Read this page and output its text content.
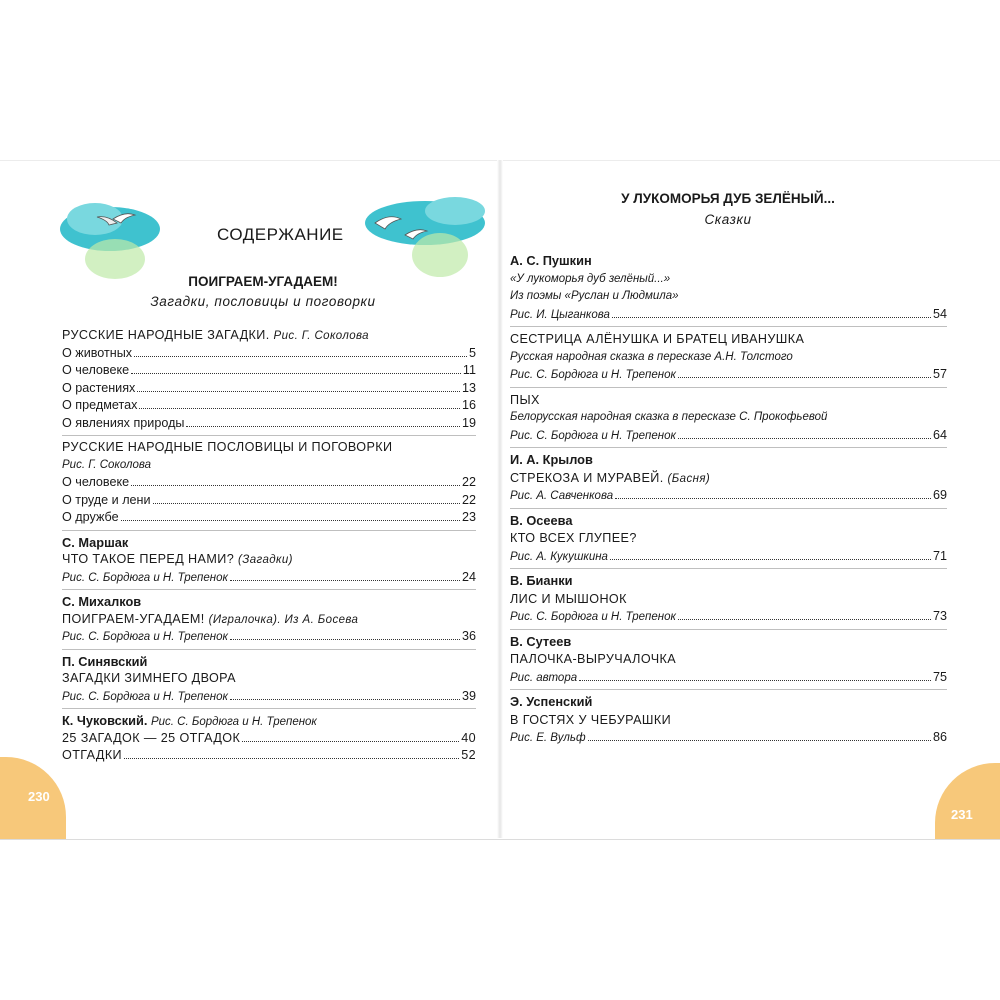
СОДЕРЖАНИЕ
ПОИГРАЕМ-УГАДАЕМ!
Загадки, пословицы и поговорки
РУССКИЕ НАРОДНЫЕ ЗАГАДКИ. Рис. Г. Соколова
О животных	5
О человеке	11
О растениях	13
О предметах	16
О явлениях природы	19
РУССКИЕ НАРОДНЫЕ ПОСЛОВИЦЫ И ПОГОВОРКИ
Рис. Г. Соколова
О человеке	22
О труде и лени	22
О дружбе	23
С. Маршак
ЧТО ТАКОЕ ПЕРЕД НАМИ? (Загадки)
Рис. С. Бордюга и Н. Трепенок	24
С. Михалков
ПОИГРАЕМ-УГАДАЕМ! (Игралочка). Из А. Босева
Рис. С. Бордюга и Н. Трепенок	36
П. Синявский
ЗАГАДКИ ЗИМНЕГО ДВОРА
Рис. С. Бордюга и Н. Трепенок	39
К. Чуковский. Рис. С. Бордюга и Н. Трепенок
25 ЗАГАДОК — 25 ОТГАДОК	40
ОТГАДКИ	52
230
У ЛУКОМОРЬЯ ДУБ ЗЕЛЁНЫЙ...
Сказки
А. С. Пушкин
«У лукоморья дуб зелёный...»
Из поэмы «Руслан и Людмила»
Рис. И. Цыганкова	54
СЕСТРИЦА АЛЁНУШКА И БРАТЕЦ ИВАНУШКА
Русская народная сказка в пересказе А.Н. Толстого
Рис. С. Бордюга и Н. Трепенок	57
ПЫХ
Белорусская народная сказка в пересказе С. Прокофьевой
Рис. С. Бордюга и Н. Трепенок	64
И. А. Крылов
СТРЕКОЗА И МУРАВЕЙ. (Басня)
Рис. А. Савченкова	69
В. Осеева
КТО ВСЕХ ГЛУПЕЕ?
Рис. А. Кукушкина	71
В. Бианки
ЛИС И МЫШОНОК
Рис. С. Бордюга и Н. Трепенок	73
В. Сутеев
ПАЛОЧКА-ВЫРУЧАЛОЧКА
Рис. автора	75
Э. Успенский
В ГОСТЯХ У ЧЕБУРАШКИ
Рис. Е. Вульф	86
231
